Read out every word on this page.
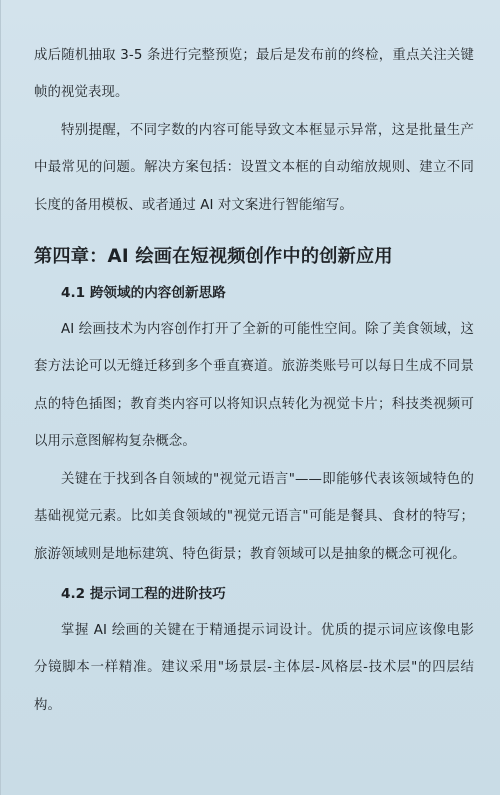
成后随机抽取 3-5 条进行完整预览；最后是发布前的终检，重点关注关键帧的视觉表现。

特别提醒，不同字数的内容可能导致文本框显示异常，这是批量生产中最常见的问题。解决方案包括：设置文本框的自动缩放规则、建立不同长度的备用模板、或者通过 AI 对文案进行智能缩写。

第四章：AI 绘画在短视频创作中的创新应用
4.1 跨领域的内容创新思路

AI 绘画技术为内容创作打开了全新的可能性空间。除了美食领域，这套方法论可以无缝迁移到多个垂直赛道。旅游类账号可以每日生成不同景点的特色插图；教育类内容可以将知识点转化为视觉卡片；科技类视频可以用示意图解构复杂概念。

关键在于找到各自领域的"视觉元语言"——即能够代表该领域特色的基础视觉元素。比如美食领域的"视觉元语言"可能是餐具、食材的特写；旅游领域则是地标建筑、特色街景；教育领域可以是抽象的概念可视化。

4.2 提示词工程的进阶技巧

掌握 AI 绘画的关键在于精通提示词设计。优质的提示词应该像电影分镜脚本一样精准。建议采用"场景层-主体层-风格层-技术层"的四层结构。
